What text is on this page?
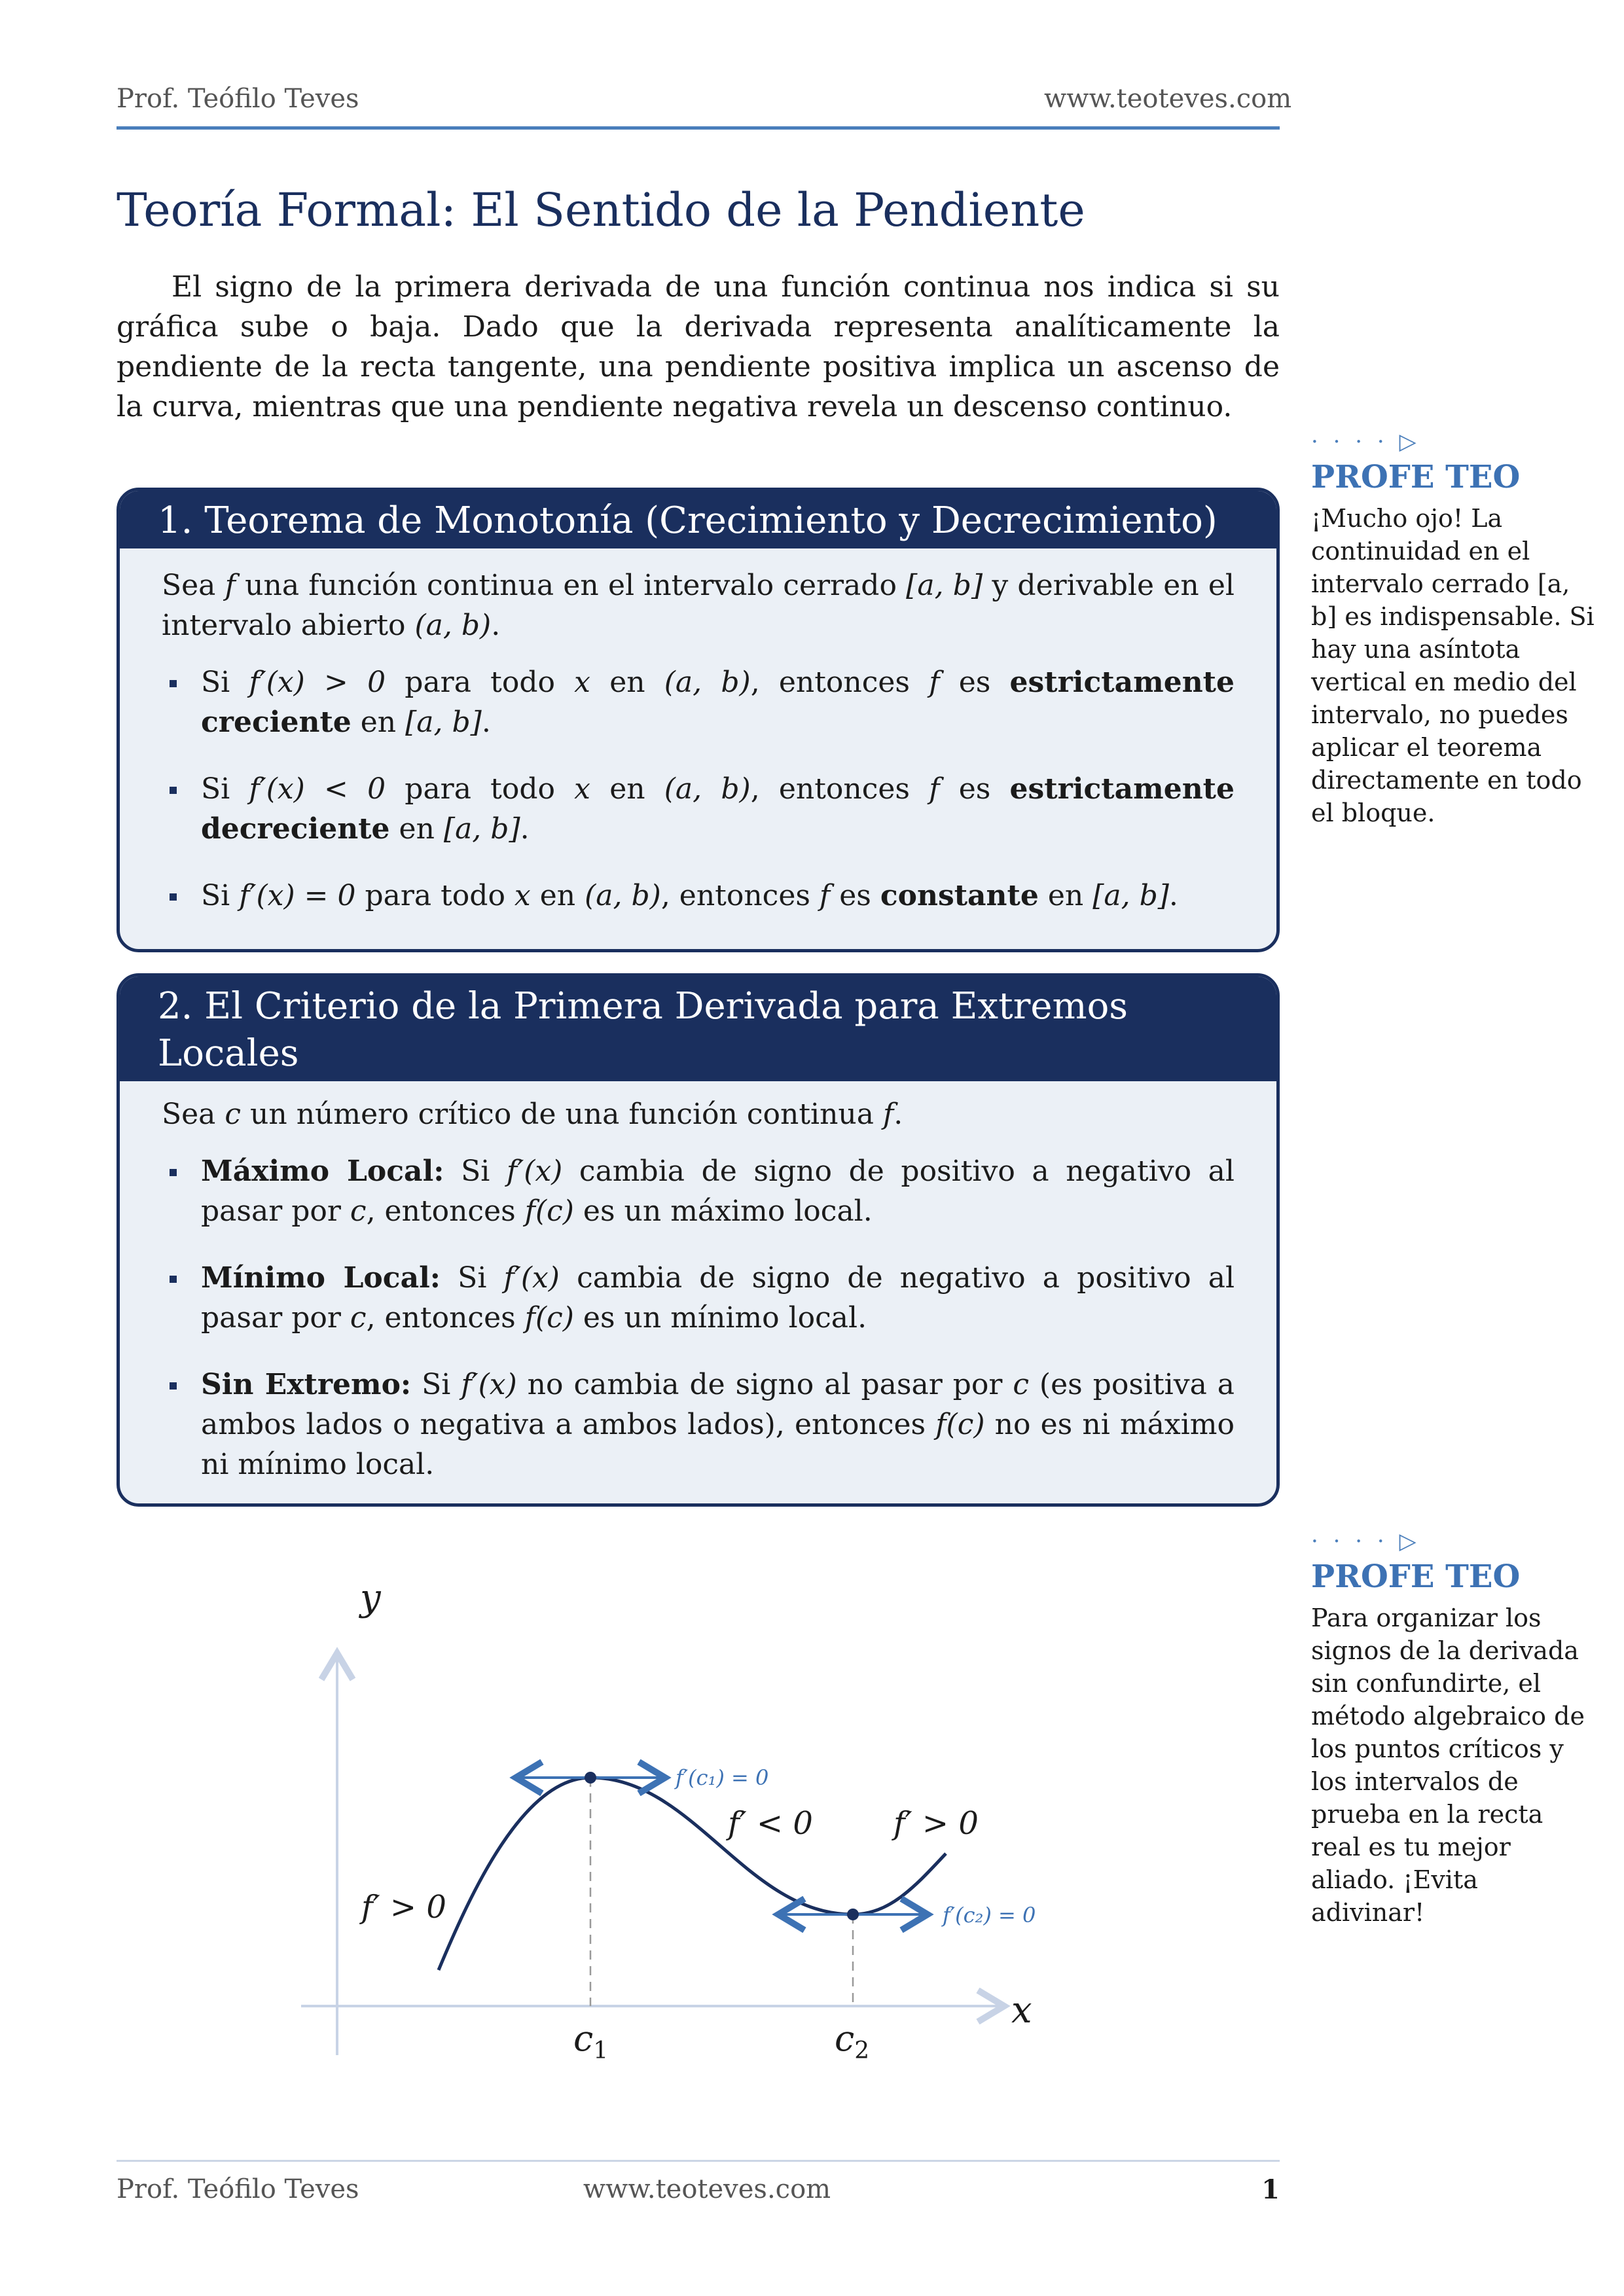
Prof. Teófilo Teves	www.teoteves.com
Teoría Formal: El Sentido de la Pendiente

El signo de la primera derivada de una función continua nos indica si su gráfica sube o baja. Dado que la derivada representa analíticamente la pendiente de la recta tangente, una pendiente positiva implica un ascenso de la curva, mientras que una pendiente negativa revela un descenso continuo.

1. Teorema de Monotonía (Crecimiento y Decrecimiento)

Sea f una función continua en el intervalo cerrado [a, b] y derivable en el intervalo abierto (a, b).

Si f′(x) > 0 para todo x en (a, b), entonces f es estrictamente creciente en [a, b].
Si f′(x) < 0 para todo x en (a, b), entonces f es estrictamente decreciente en [a, b].
Si f′(x) = 0 para todo x en (a, b), entonces f es constante en [a, b].
2. El Criterio de la Primera Derivada para Extremos Locales

Sea c un número crítico de una función continua f.

Máximo Local: Si f′(x) cambia de signo de positivo a negativo al pasar por c, entonces f(c) es un máximo local.
Mínimo Local: Si f′(x) cambia de signo de negativo a positivo al pasar por c, entonces f(c) es un mínimo local.
Sin Extremo: Si f′(x) no cambia de signo al pasar por c (es positiva a ambos lados o negativa a ambos lados), entonces f(c) no es ni máximo ni mínimo local.
· · · · ▷
PROFE TEO
¡Mucho ojo! La continuidad en el intervalo cerrado [a, b] es indispensable. Si hay una asíntota vertical en medio del intervalo, no puedes aplicar el teorema directamente en todo el bloque.
· · · · ▷
PROFE TEO
Para organizar los signos de la derivada sin confundirte, el método algebraico de los puntos críticos y los intervalos de prueba en la recta real es tu mejor aliado. ¡Evita adivinar!
y
x
$c_1$	$c_2$
f′ > 0
f′ < 0	f′ > 0
f′(c₁) = 0
f′(c₂) = 0
Prof. Teófilo Teves	www.teoteves.com	1
